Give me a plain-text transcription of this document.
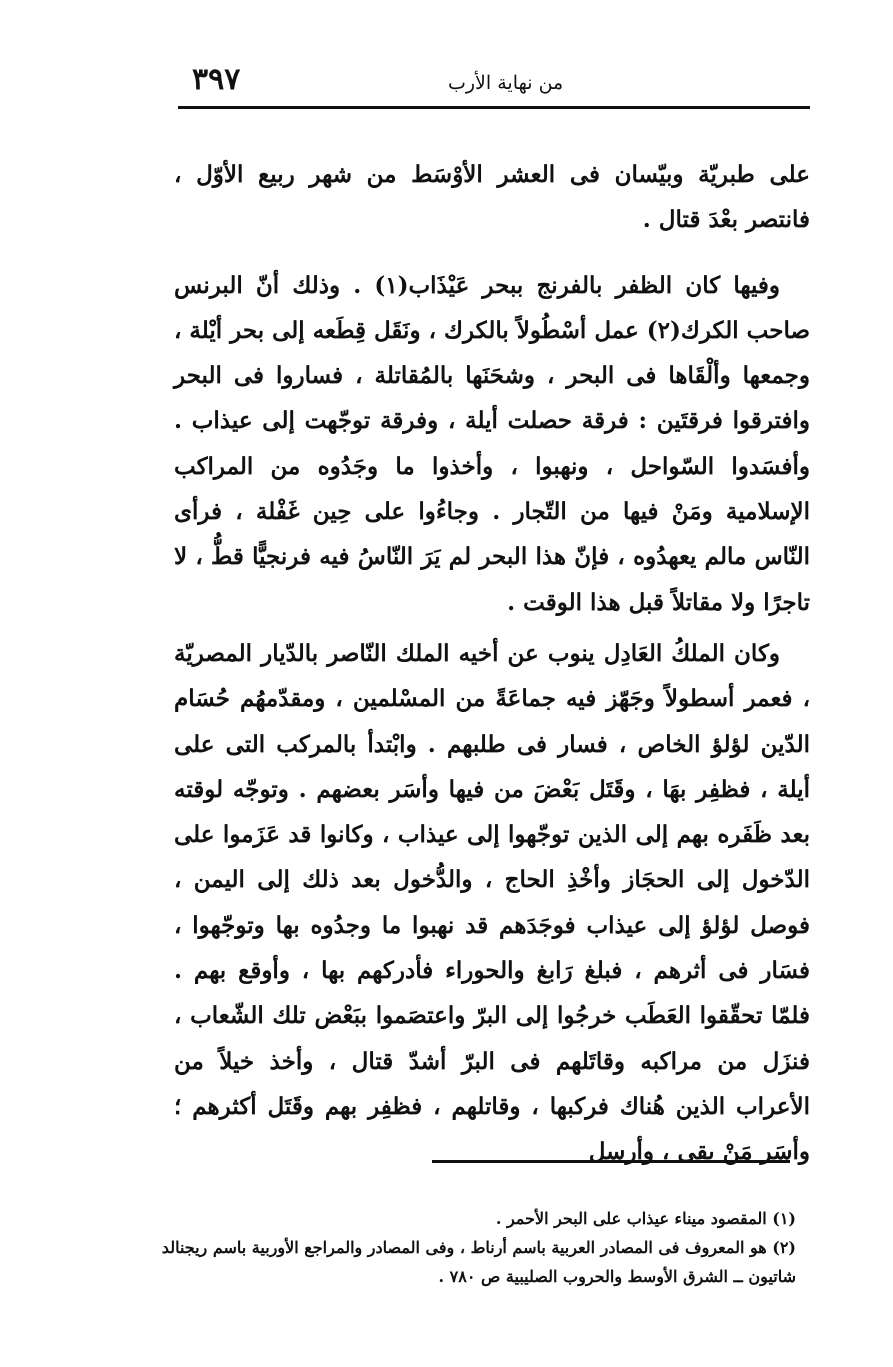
٣٩٧	من نهاية الأرب

على طبريّة وبيّسان فى العشر الأوْسَط من شهر ربيع الأوّل ، فانتصر بعْدَ قتال .

وفيها كان الظفر بالفرنج ببحر عَيْذَاب(١) . وذلك أنّ البرنس صاحب الكرك(٢) عمل أسْطُولاً بالكرك ، ونَقَل قِطَعه إلى بحر أيْلة ، وجمعها وألْقَاها فى البحر ، وشحَنَها بالمُقاتلة ، فساروا فى البحر وافترقوا فرقتَين : فرقة حصلت أيلة ، وفرقة توجّهت إلى عيذاب . وأفسَدوا السّواحل ، ونهبوا ، وأخذوا ما وجَدُوه من المراكب الإسلامية ومَنْ فيها من التّجار . وجاءُوا على حِين غَفْلة ، فرأى النّاس مالم يعهدُوه ، فإنّ هذا البحر لم يَرَ النّاسُ فيه فرنجيًّا قطُّ ، لا تاجرًا ولا مقاتلاً قبل هذا الوقت .

وكان الملكُ العَادِل ينوب عن أخيه الملك النّاصر بالدّيار المصريّة ، فعمر أسطولاً وجَهّز فيه جماعَةً من المسْلمين ، ومقدّمهُم حُسَام الدّين لؤلؤ الخاص ، فسار فى طلبهم . وابْتدأ بالمركب التى على أيلة ، فظفِر بهَا ، وقَتَل بَعْضَ من فيها وأسَر بعضهم . وتوجّه لوقته بعد ظَفَره بهم إلى الذين توجّهوا إلى عيذاب ، وكانوا قد عَزَموا على الدّخول إلى الحجَاز وأخْذِ الحاج ، والدُّخول بعد ذلك إلى اليمن ، فوصل لؤلؤ إلى عيذاب فوجَدَهم قد نهبوا ما وجدُوه بها وتوجّهوا ، فسَار فى أثرهم ، فبلغ رَابغ والحوراء فأدركهم بها ، وأوقع بهم . فلمّا تحقّقوا العَطَب خرجُوا إلى البرّ واعتصَموا ببَعْض تلك الشّعاب ، فنزَل من مراكبه وقاتَلهم فى البرّ أشدّ قتال ، وأخذ خيلاً من الأعراب الذين هُناك فركبها ، وقاتلهم ، فظفِر بهم وقَتَل أكثرهم ؛ وأسَر مَنْ بقى ، وأرسل

(١) المقصود ميناء عيذاب على البحر الأحمر .

(٢) هو المعروف فى المصادر العربية باسم أرناط ، وفى المصادر والمراجع الأوربية باسم ريجنالد شاتيون ــ الشرق الأوسط والحروب الصليبية ص ٧٨٠ .
